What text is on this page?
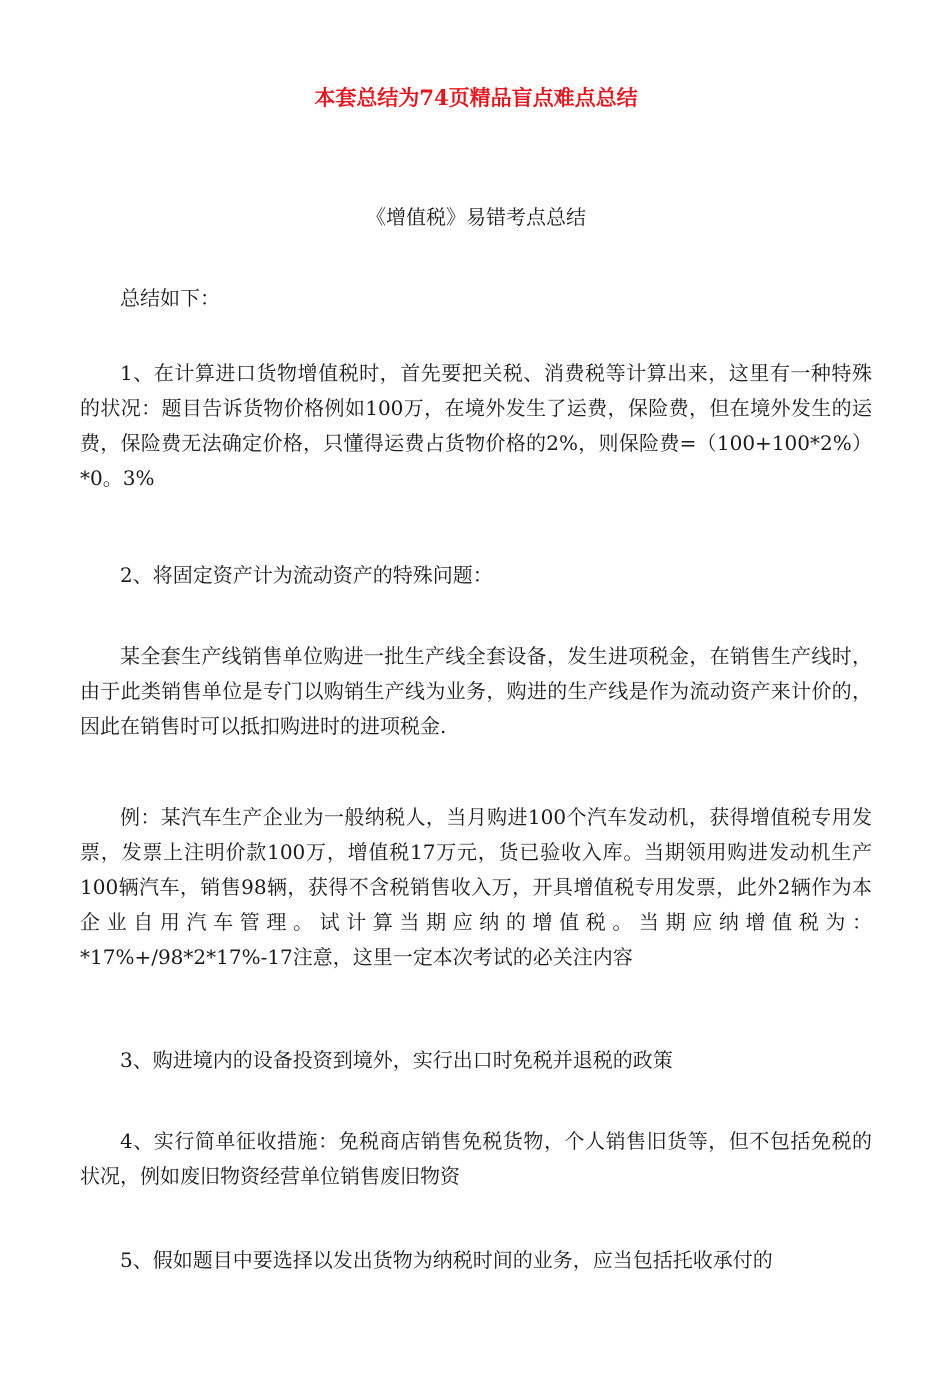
本套总结为74页精品盲点难点总结
《增值税》易错考点总结

总结如下：

1、在计算进口货物增值税时，首先要把关税、消费税等计算出来，这里有一种特殊的状况：题目告诉货物价格例如100万，在境外发生了运费，保险费，但在境外发生的运费，保险费无法确定价格，只懂得运费占货物价格的2%，则保险费=（100+100*2%）*0。3%

2、将固定资产计为流动资产的特殊问题：

某全套生产线销售单位购进一批生产线全套设备，发生进项税金，在销售生产线时，由于此类销售单位是专门以购销生产线为业务，购进的生产线是作为流动资产来计价的，因此在销售时可以抵扣购进时的进项税金.

例：某汽车生产企业为一般纳税人，当月购进100个汽车发动机，获得增值税专用发票，发票上注明价款100万，增值税17万元，货已验收入库。当期领用购进发动机生产100辆汽车，销售98辆，获得不含税销售收入万，开具增值税专用发票，此外2辆作为本企业自用汽车管理。试计算当期应纳的增值税。当期应纳增值税为：*17%+/98*2*17%-17注意，这里一定本次考试的必关注内容

3、购进境内的设备投资到境外，实行出口时免税并退税的政策

4、实行简单征收措施：免税商店销售免税货物，个人销售旧货等，但不包括免税的状况，例如废旧物资经营单位销售废旧物资

5、假如题目中要选择以发出货物为纳税时间的业务，应当包括托收承付的
